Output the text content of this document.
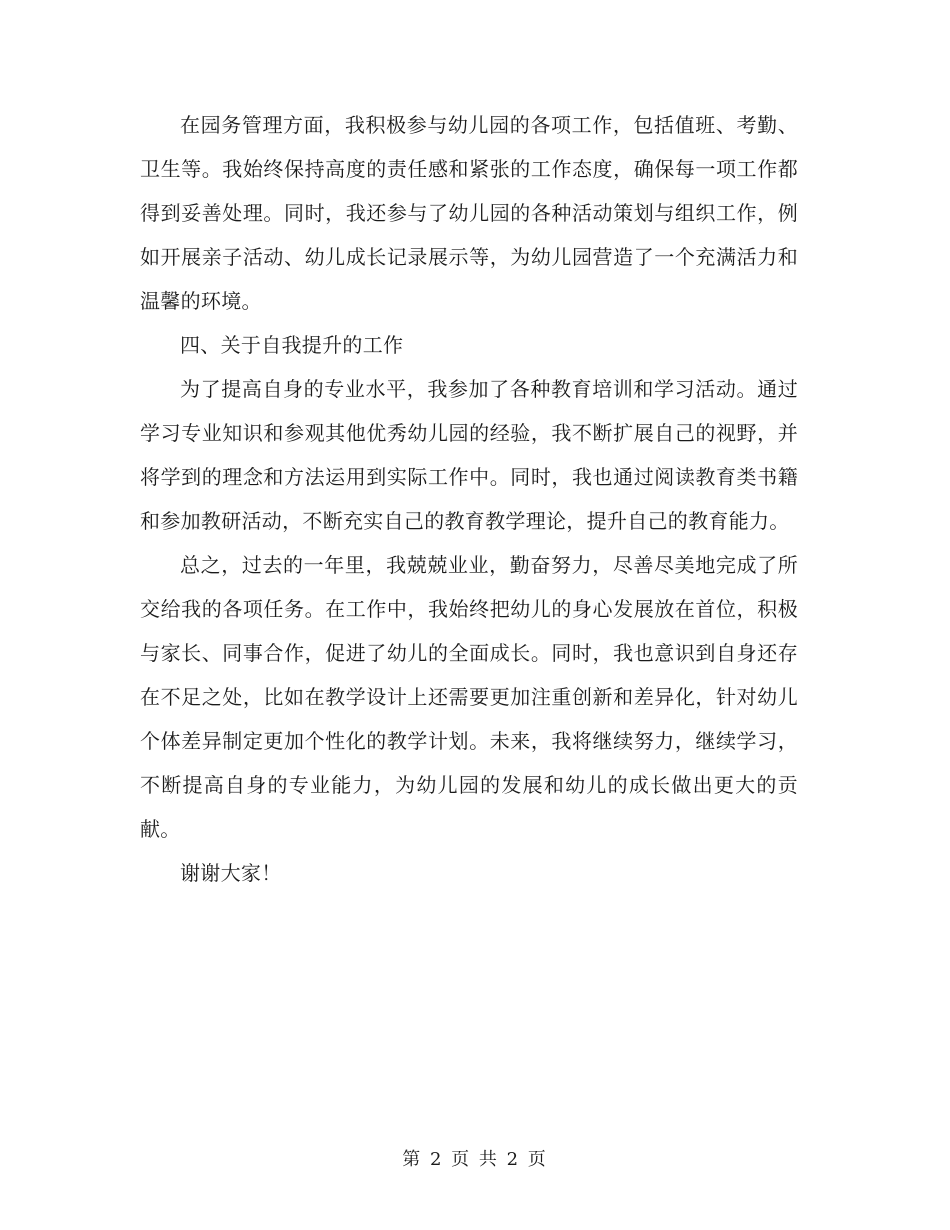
在园务管理方面，我积极参与幼儿园的各项工作，包括值班、考勤、卫生等。我始终保持高度的责任感和紧张的工作态度，确保每一项工作都得到妥善处理。同时，我还参与了幼儿园的各种活动策划与组织工作，例如开展亲子活动、幼儿成长记录展示等，为幼儿园营造了一个充满活力和温馨的环境。

四、关于自我提升的工作

为了提高自身的专业水平，我参加了各种教育培训和学习活动。通过学习专业知识和参观其他优秀幼儿园的经验，我不断扩展自己的视野，并将学到的理念和方法运用到实际工作中。同时，我也通过阅读教育类书籍和参加教研活动，不断充实自己的教育教学理论，提升自己的教育能力。

总之，过去的一年里，我兢兢业业，勤奋努力，尽善尽美地完成了所交给我的各项任务。在工作中，我始终把幼儿的身心发展放在首位，积极与家长、同事合作，促进了幼儿的全面成长。同时，我也意识到自身还存在不足之处，比如在教学设计上还需要更加注重创新和差异化，针对幼儿个体差异制定更加个性化的教学计划。未来，我将继续努力，继续学习，不断提高自身的专业能力，为幼儿园的发展和幼儿的成长做出更大的贡献。

谢谢大家！

第 2 页 共 2 页
